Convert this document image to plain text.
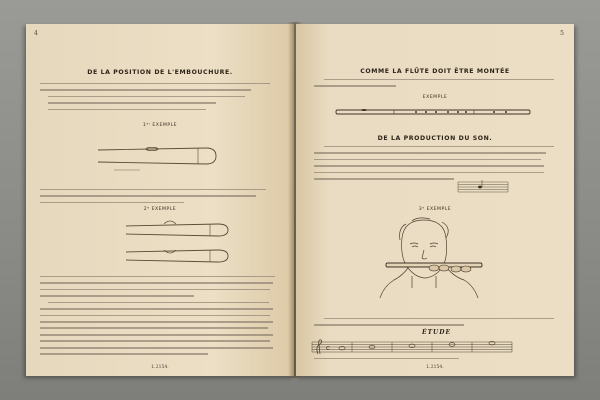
4
DE LA POSITION DE L'EMBOUCHURE.
1ᵉʳ EXEMPLE
2ᵉ EXEMPLE
L 2154.
5
COMME LA FLÛTE DOIT ÊTRE MONTÉE
EXEMPLE
DE LA PRODUCTION DU SON.
3ᵉ EXEMPLE
ÉTUDE
c
L 2154.
